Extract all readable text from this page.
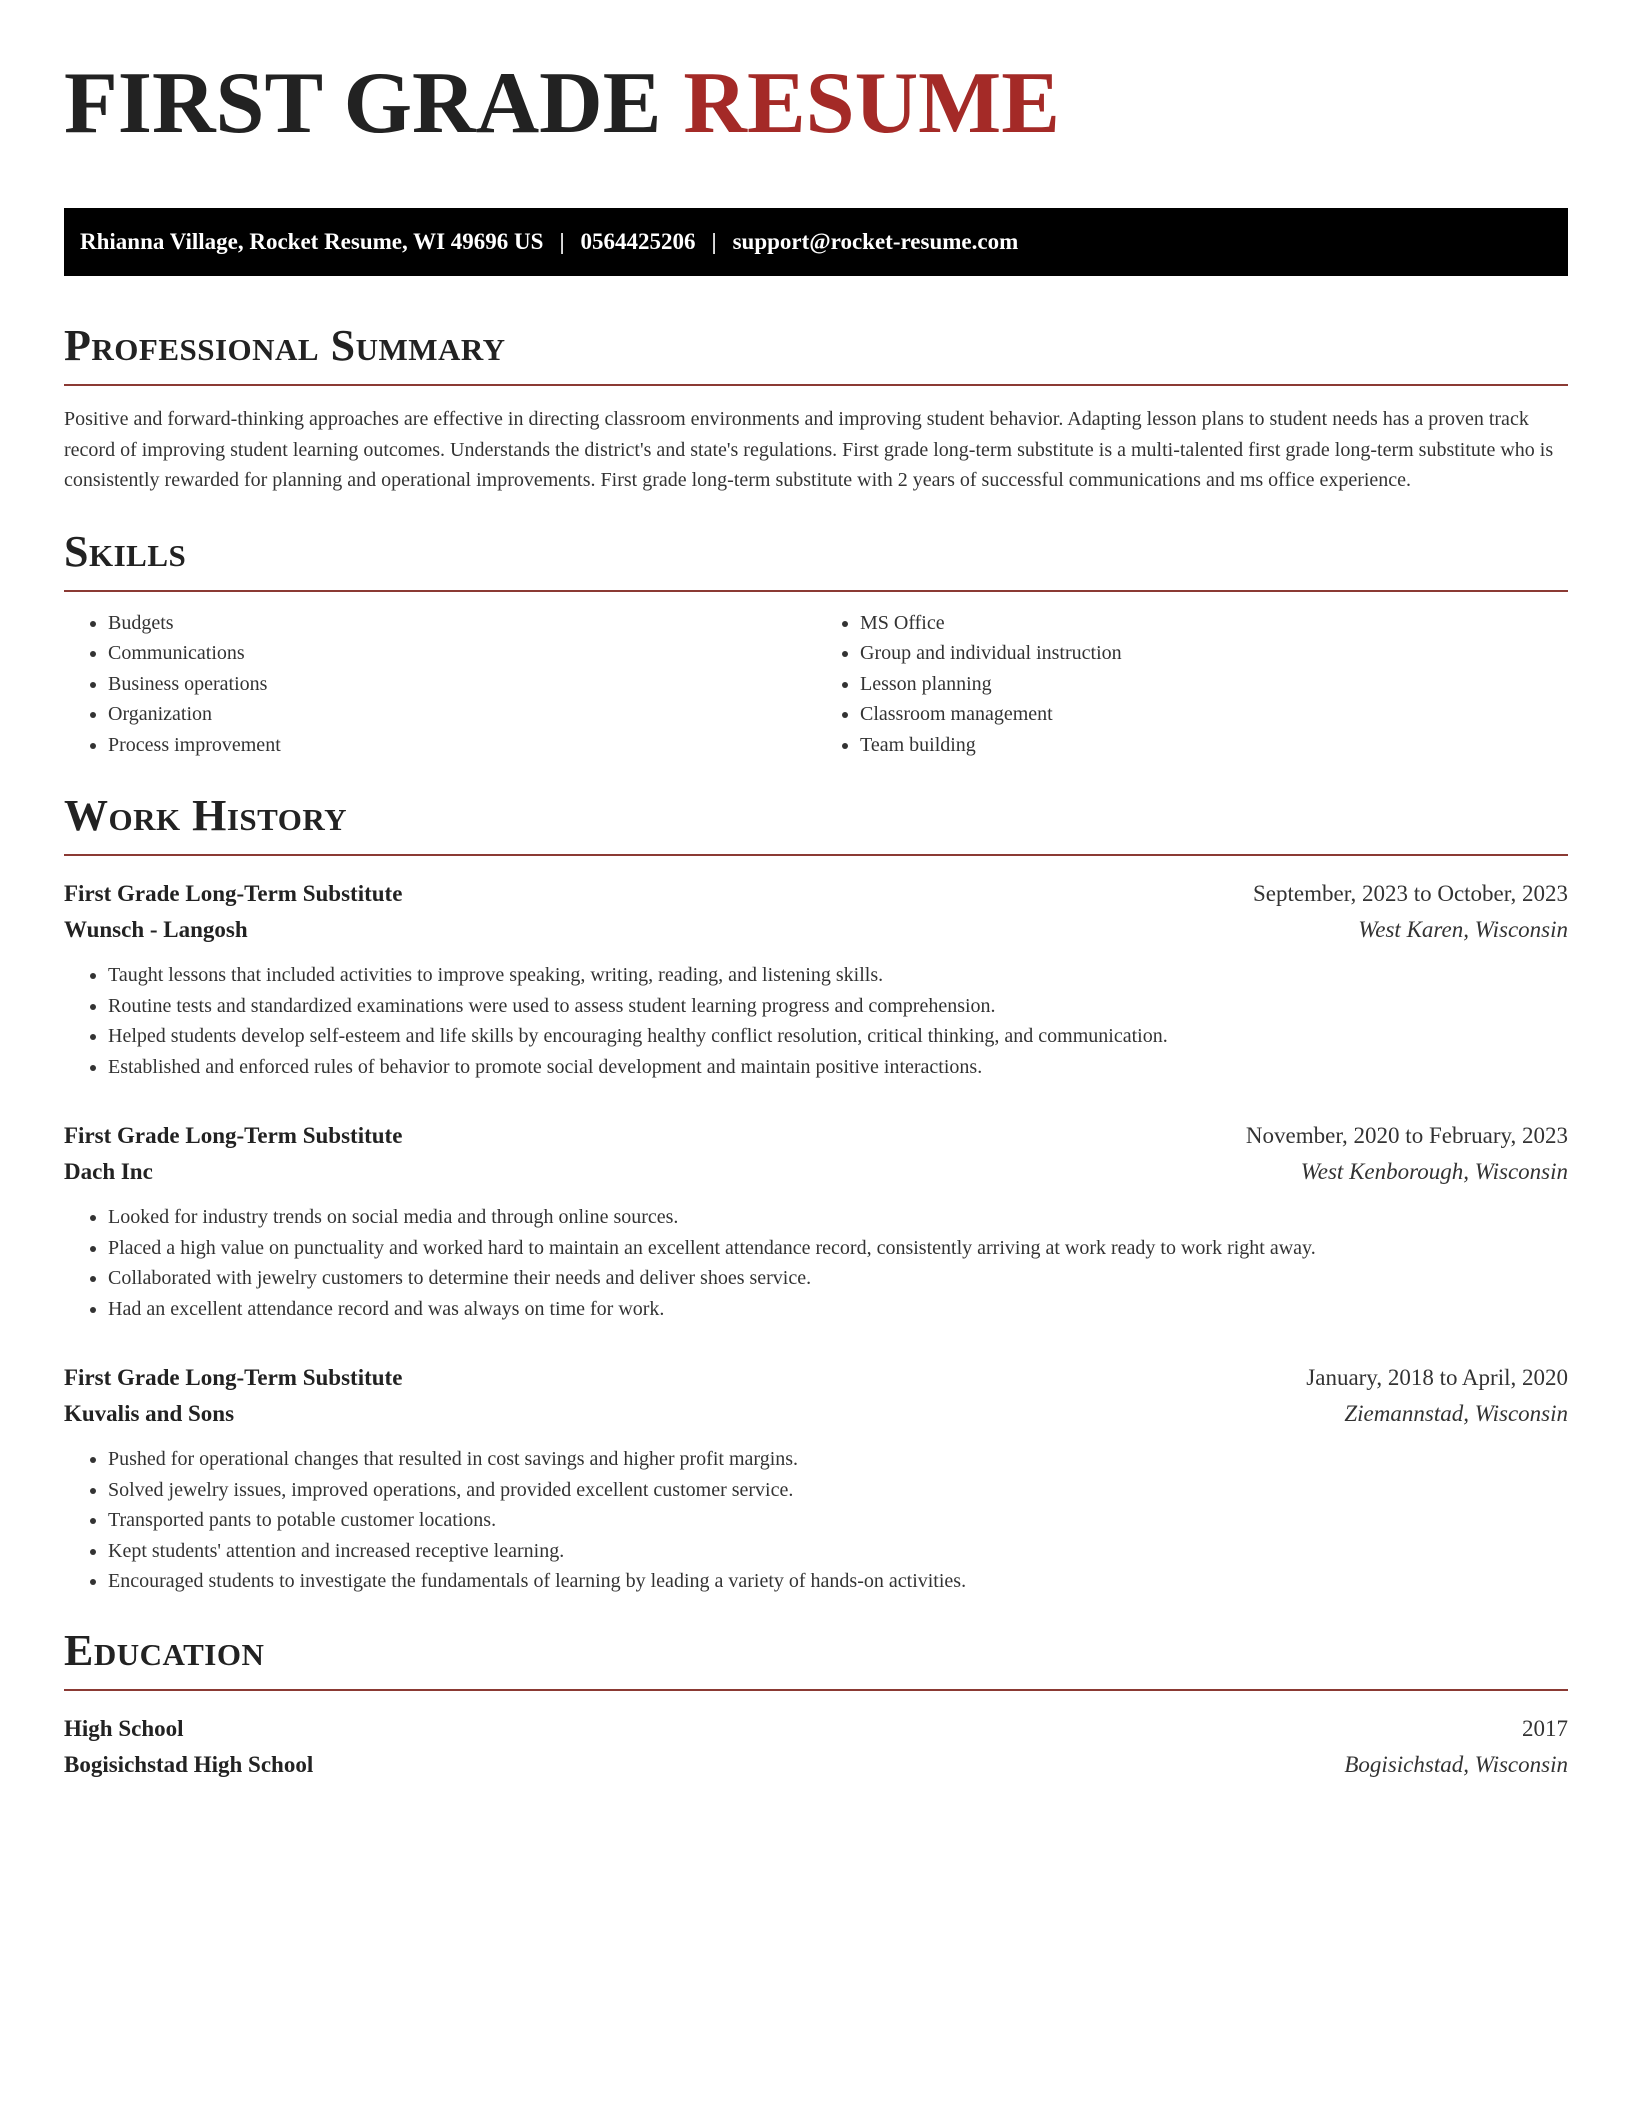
FIRST GRADE RESUME
Rhianna Village, Rocket Resume, WI 49696 US | 0564425206 | support@rocket-resume.com
Professional Summary

Positive and forward-thinking approaches are effective in directing classroom environments and improving student behavior. Adapting lesson plans to student needs has a proven track record of improving student learning outcomes. Understands the district's and state's regulations. First grade long-term substitute is a multi-talented first grade long-term substitute who is consistently rewarded for planning and operational improvements. First grade long-term substitute with 2 years of successful communications and ms office experience.

Skills
• Budgets
• Communications
• Business operations
• Organization
• Process improvement
• MS Office
• Group and individual instruction
• Lesson planning
• Classroom management
• Team building
Work History
First Grade Long-Term Substitute	September, 2023 to October, 2023
Wunsch - Langosh	West Karen, Wisconsin
• Taught lessons that included activities to improve speaking, writing, reading, and listening skills.
• Routine tests and standardized examinations were used to assess student learning progress and comprehension.
• Helped students develop self-esteem and life skills by encouraging healthy conflict resolution, critical thinking, and communication.
• Established and enforced rules of behavior to promote social development and maintain positive interactions.
First Grade Long-Term Substitute	November, 2020 to February, 2023
Dach Inc	West Kenborough, Wisconsin
• Looked for industry trends on social media and through online sources.
• Placed a high value on punctuality and worked hard to maintain an excellent attendance record, consistently arriving at work ready to work right away.
• Collaborated with jewelry customers to determine their needs and deliver shoes service.
• Had an excellent attendance record and was always on time for work.
First Grade Long-Term Substitute	January, 2018 to April, 2020
Kuvalis and Sons	Ziemannstad, Wisconsin
• Pushed for operational changes that resulted in cost savings and higher profit margins.
• Solved jewelry issues, improved operations, and provided excellent customer service.
• Transported pants to potable customer locations.
• Kept students' attention and increased receptive learning.
• Encouraged students to investigate the fundamentals of learning by leading a variety of hands-on activities.
Education
High School	2017
Bogisichstad High School	Bogisichstad, Wisconsin
